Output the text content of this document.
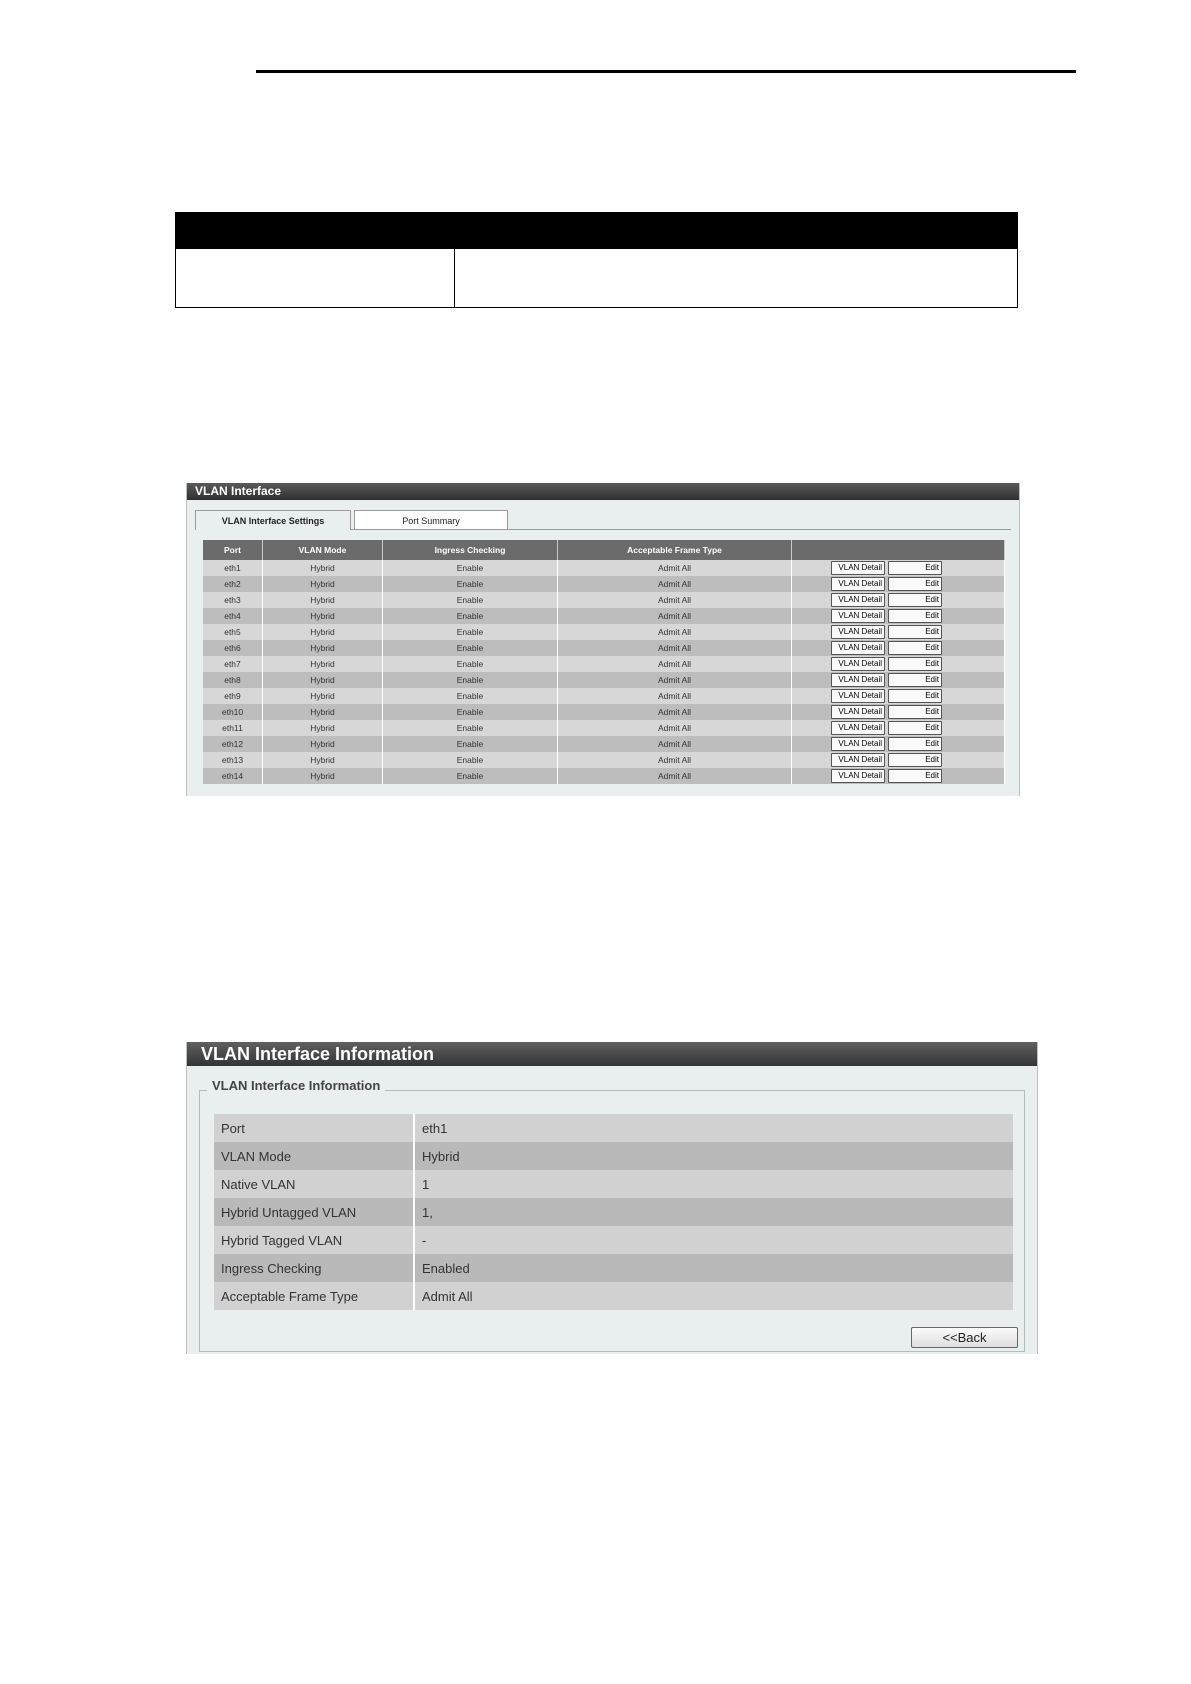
VLAN Interface
VLAN Interface Settings	Port Summary
Port	VLAN Mode	Ingress Checking	Acceptable Frame Type	
eth1	Hybrid	Enable	Admit All	VLAN Detail Edit
eth2	Hybrid	Enable	Admit All	VLAN Detail Edit
eth3	Hybrid	Enable	Admit All	VLAN Detail Edit
eth4	Hybrid	Enable	Admit All	VLAN Detail Edit
eth5	Hybrid	Enable	Admit All	VLAN Detail Edit
eth6	Hybrid	Enable	Admit All	VLAN Detail Edit
eth7	Hybrid	Enable	Admit All	VLAN Detail Edit
eth8	Hybrid	Enable	Admit All	VLAN Detail Edit
eth9	Hybrid	Enable	Admit All	VLAN Detail Edit
eth10	Hybrid	Enable	Admit All	VLAN Detail Edit
eth11	Hybrid	Enable	Admit All	VLAN Detail Edit
eth12	Hybrid	Enable	Admit All	VLAN Detail Edit
eth13	Hybrid	Enable	Admit All	VLAN Detail Edit
eth14	Hybrid	Enable	Admit All	VLAN Detail Edit
VLAN Interface Information
VLAN Interface Information
Port	eth1
VLAN Mode	Hybrid
Native VLAN	1
Hybrid Untagged VLAN	1,
Hybrid Tagged VLAN	-
Ingress Checking	Enabled
Acceptable Frame Type	Admit All
<<Back
